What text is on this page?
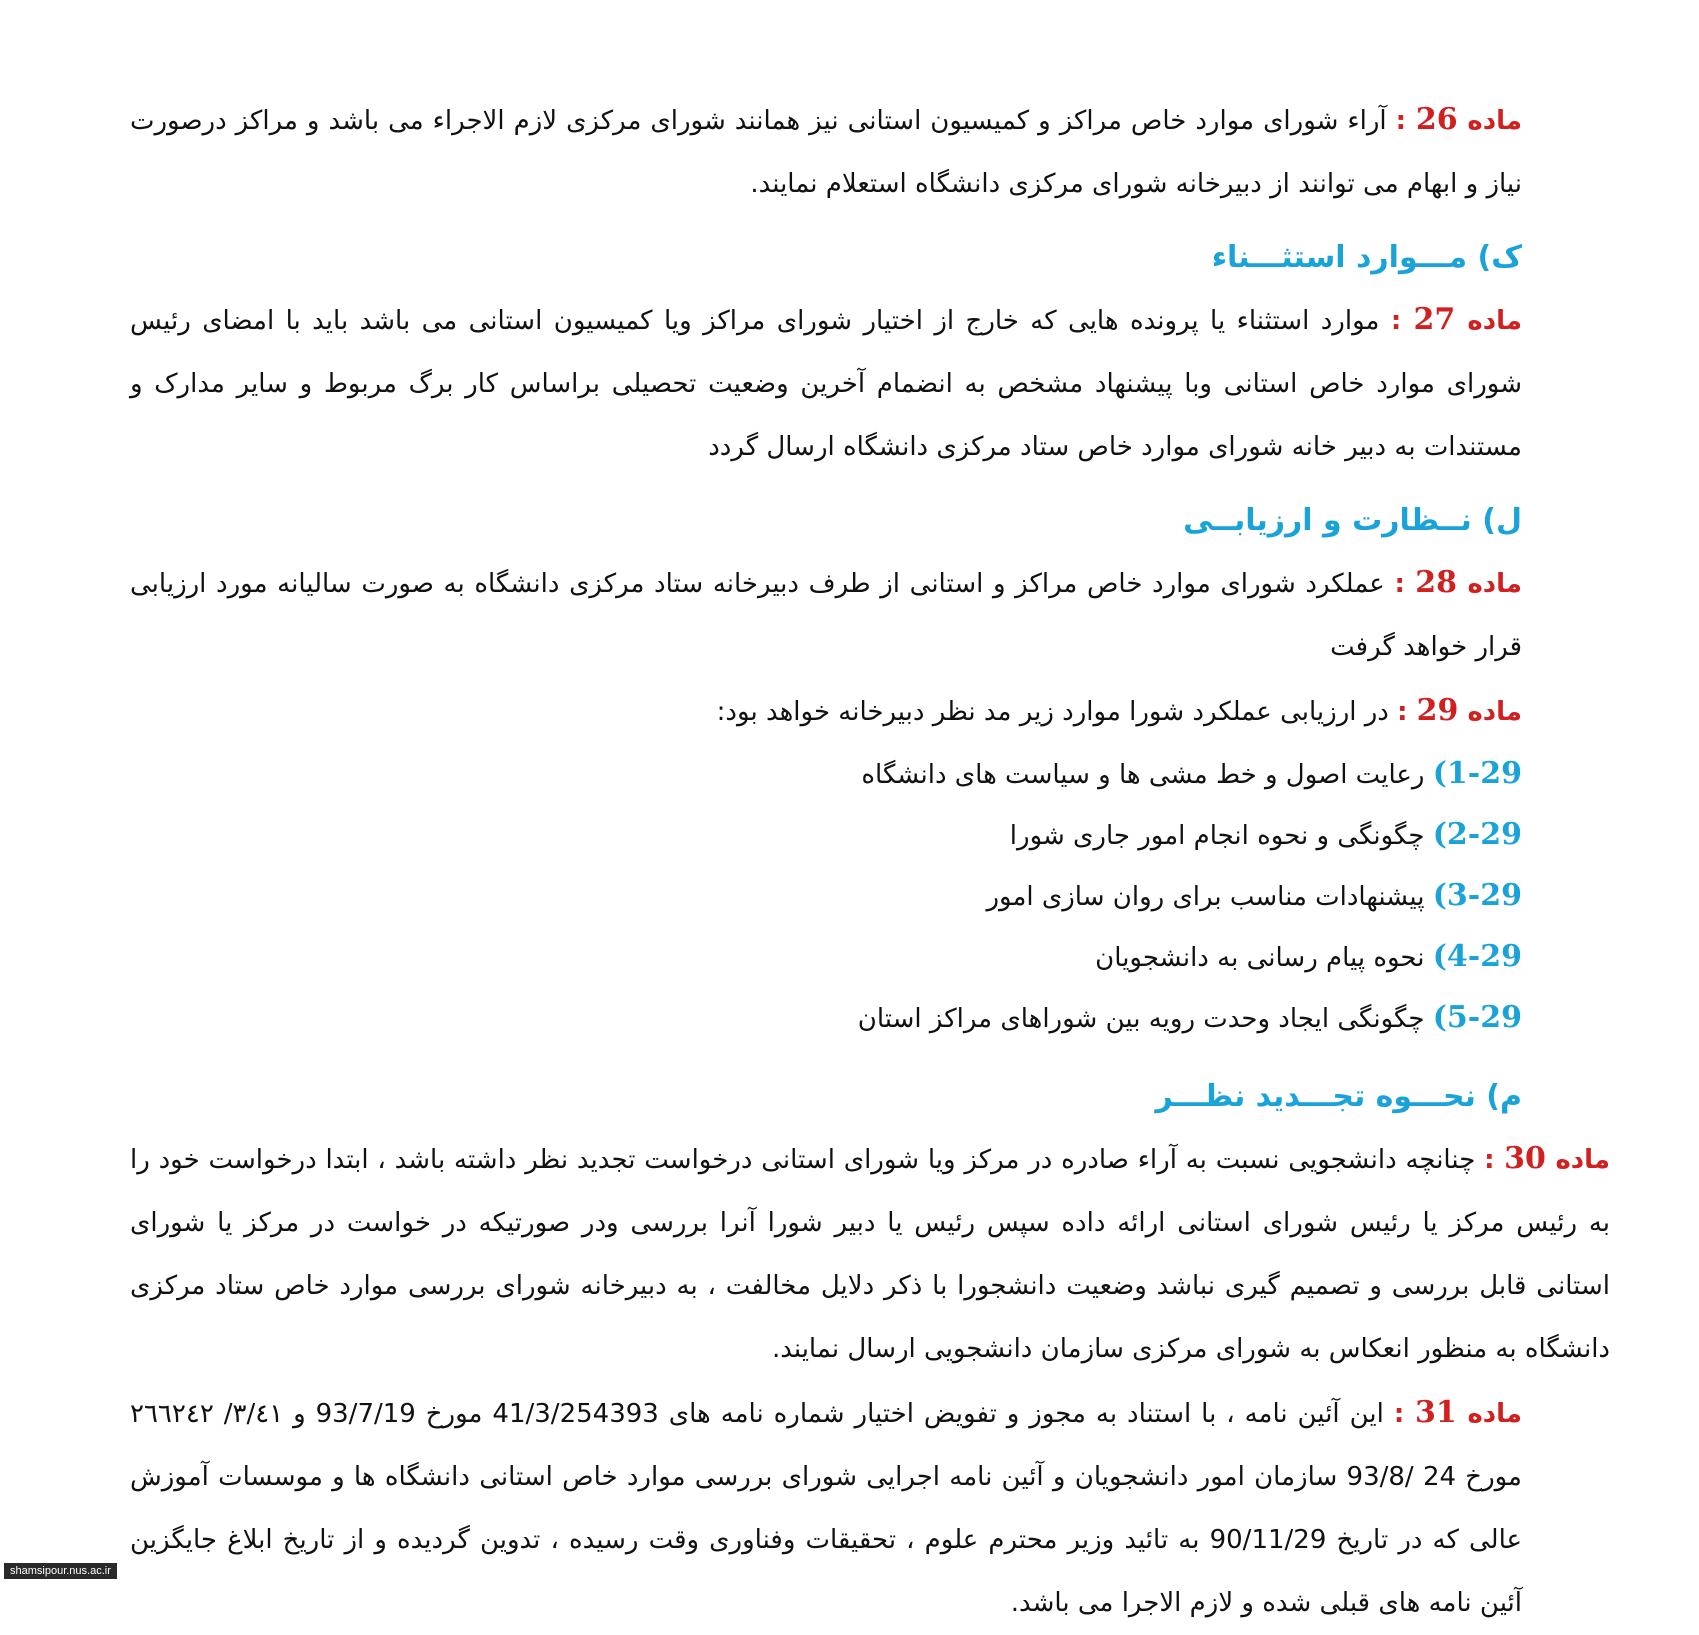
ماده 26 : آراء شورای موارد خاص مراکز و کمیسیون استانی نیز همانند شورای مرکزی لازم الاجراء می باشد و مراکز درصورت نیاز و ابهام می توانند از دبیرخانه شورای مرکزی دانشگاه استعلام نمایند.

ک) مـــوارد استثـــناء

ماده 27 : موارد استثناء یا پرونده هایی که خارج از اختیار شورای مراکز ویا کمیسیون استانی می باشد باید با امضای رئیس شورای موارد خاص استانی وبا پیشنهاد مشخص به انضمام آخرین وضعیت تحصیلی براساس کار برگ مربوط و سایر مدارک و مستندات به دبیر خانه شورای موارد خاص ستاد مرکزی دانشگاه ارسال گردد

ل) نــظارت و ارزیابــی

ماده 28 : عملکرد شورای موارد خاص مراکز و استانی از طرف دبیرخانه ستاد مرکزی دانشگاه به صورت سالیانه مورد ارزیابی قرار خواهد گرفت

ماده 29 : در ارزیابی عملکرد شورا موارد زیر مد نظر دبیرخانه خواهد بود:

1-29) رعایت اصول و خط مشی ها و سیاست های دانشگاه

2-29) چگونگی و نحوه انجام امور جاری شورا

3-29) پیشنهادات مناسب برای روان سازی امور

4-29) نحوه پیام رسانی به دانشجویان

5-29) چگونگی ایجاد وحدت رویه بین شوراهای مراکز استان

م) نحـــوه تجـــدید نظـــر

ماده 30 : چنانچه دانشجویی نسبت به آراء صادره در مرکز ویا شورای استانی درخواست تجدید نظر داشته باشد ، ابتدا درخواست خود را به رئیس مرکز یا رئیس شورای استانی ارائه داده سپس رئیس یا دبیر شورا آنرا بررسی ودر صورتیکه در خواست در مرکز یا شورای استانی قابل بررسی و تصمیم گیری نباشد وضعیت دانشجورا با ذکر دلایل مخالفت ، به دبیرخانه شورای بررسی موارد خاص ستاد مرکزی دانشگاه به منظور انعکاس به شورای مرکزی سازمان دانشجویی ارسال نمایند.

ماده 31 : این آئین نامه ، با استناد به مجوز و تفویض اختیار شماره نامه های 41/3/254393 مورخ 93/7/19 و ۳/٤۱/ ۲٦٦۲٤۲ مورخ 24 /93/8 سازمان امور دانشجویان و آئین نامه اجرایی شورای بررسی موارد خاص استانی دانشگاه ها و موسسات آموزش عالی که در تاریخ 90/11/29 به تائید وزیر محترم علوم ، تحقیقات وفناوری وقت رسیده ، تدوین گردیده و از تاریخ ابلاغ جایگزین آئین نامه های قبلی شده و لازم الاجرا می باشد.

shamsipour.nus.ac.ir
